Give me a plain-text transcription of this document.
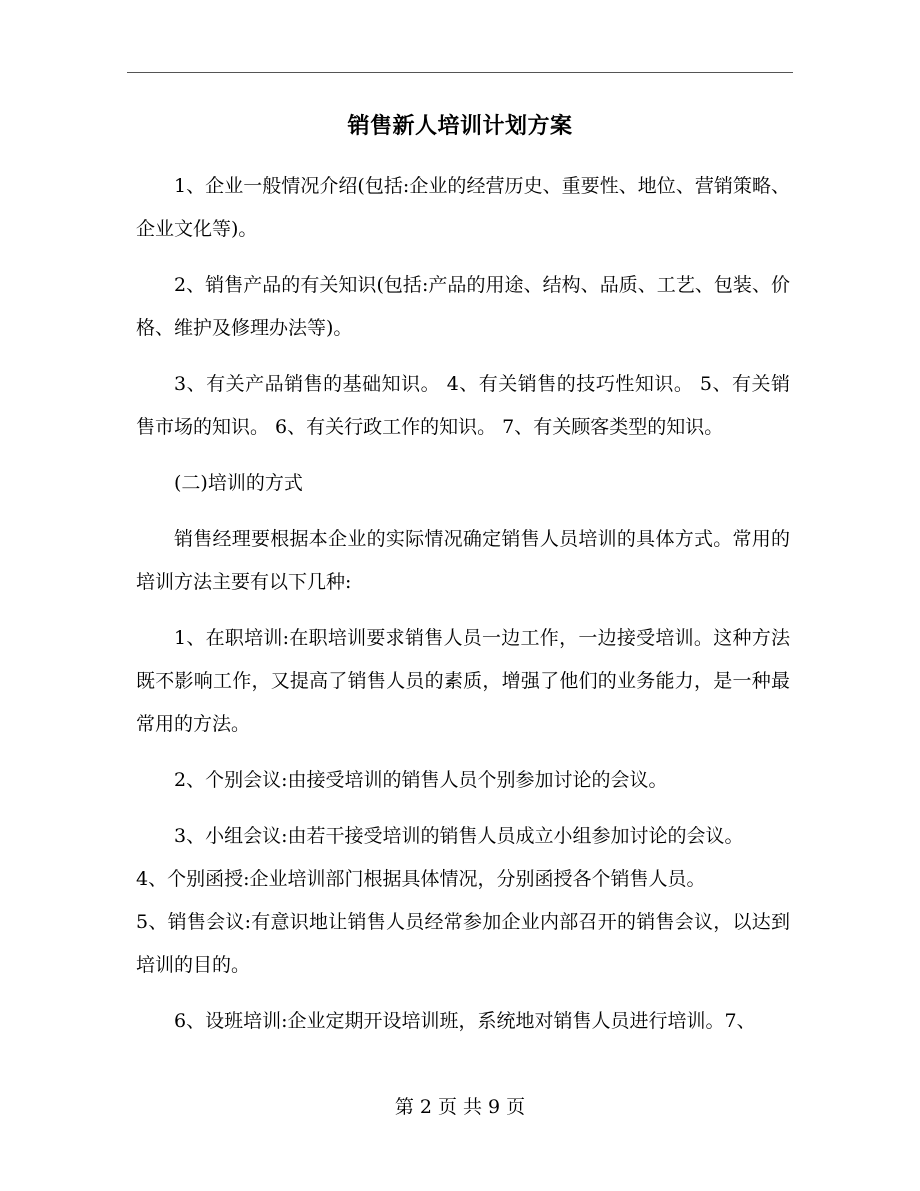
销售新人培训计划方案

1、企业一般情况介绍(包括:企业的经营历史、重要性、地位、营销策略、企业文化等)。

2、销售产品的有关知识(包括:产品的用途、结构、品质、工艺、包装、价格、维护及修理办法等)。

3、有关产品销售的基础知识。 4、有关销售的技巧性知识。 5、有关销售市场的知识。 6、有关行政工作的知识。 7、有关顾客类型的知识。

(二)培训的方式

销售经理要根据本企业的实际情况确定销售人员培训的具体方式。常用的培训方法主要有以下几种:

1、在职培训:在职培训要求销售人员一边工作，一边接受培训。这种方法既不影响工作，又提高了销售人员的素质，增强了他们的业务能力，是一种最常用的方法。

2、个别会议:由接受培训的销售人员个别参加讨论的会议。

3、小组会议:由若干接受培训的销售人员成立小组参加讨论的会议。

4、个别函授:企业培训部门根据具体情况，分别函授各个销售人员。

5、销售会议:有意识地让销售人员经常参加企业内部召开的销售会议，以达到培训的目的。

6、设班培训:企业定期开设培训班，系统地对销售人员进行培训。7、

第 2 页 共 9 页
